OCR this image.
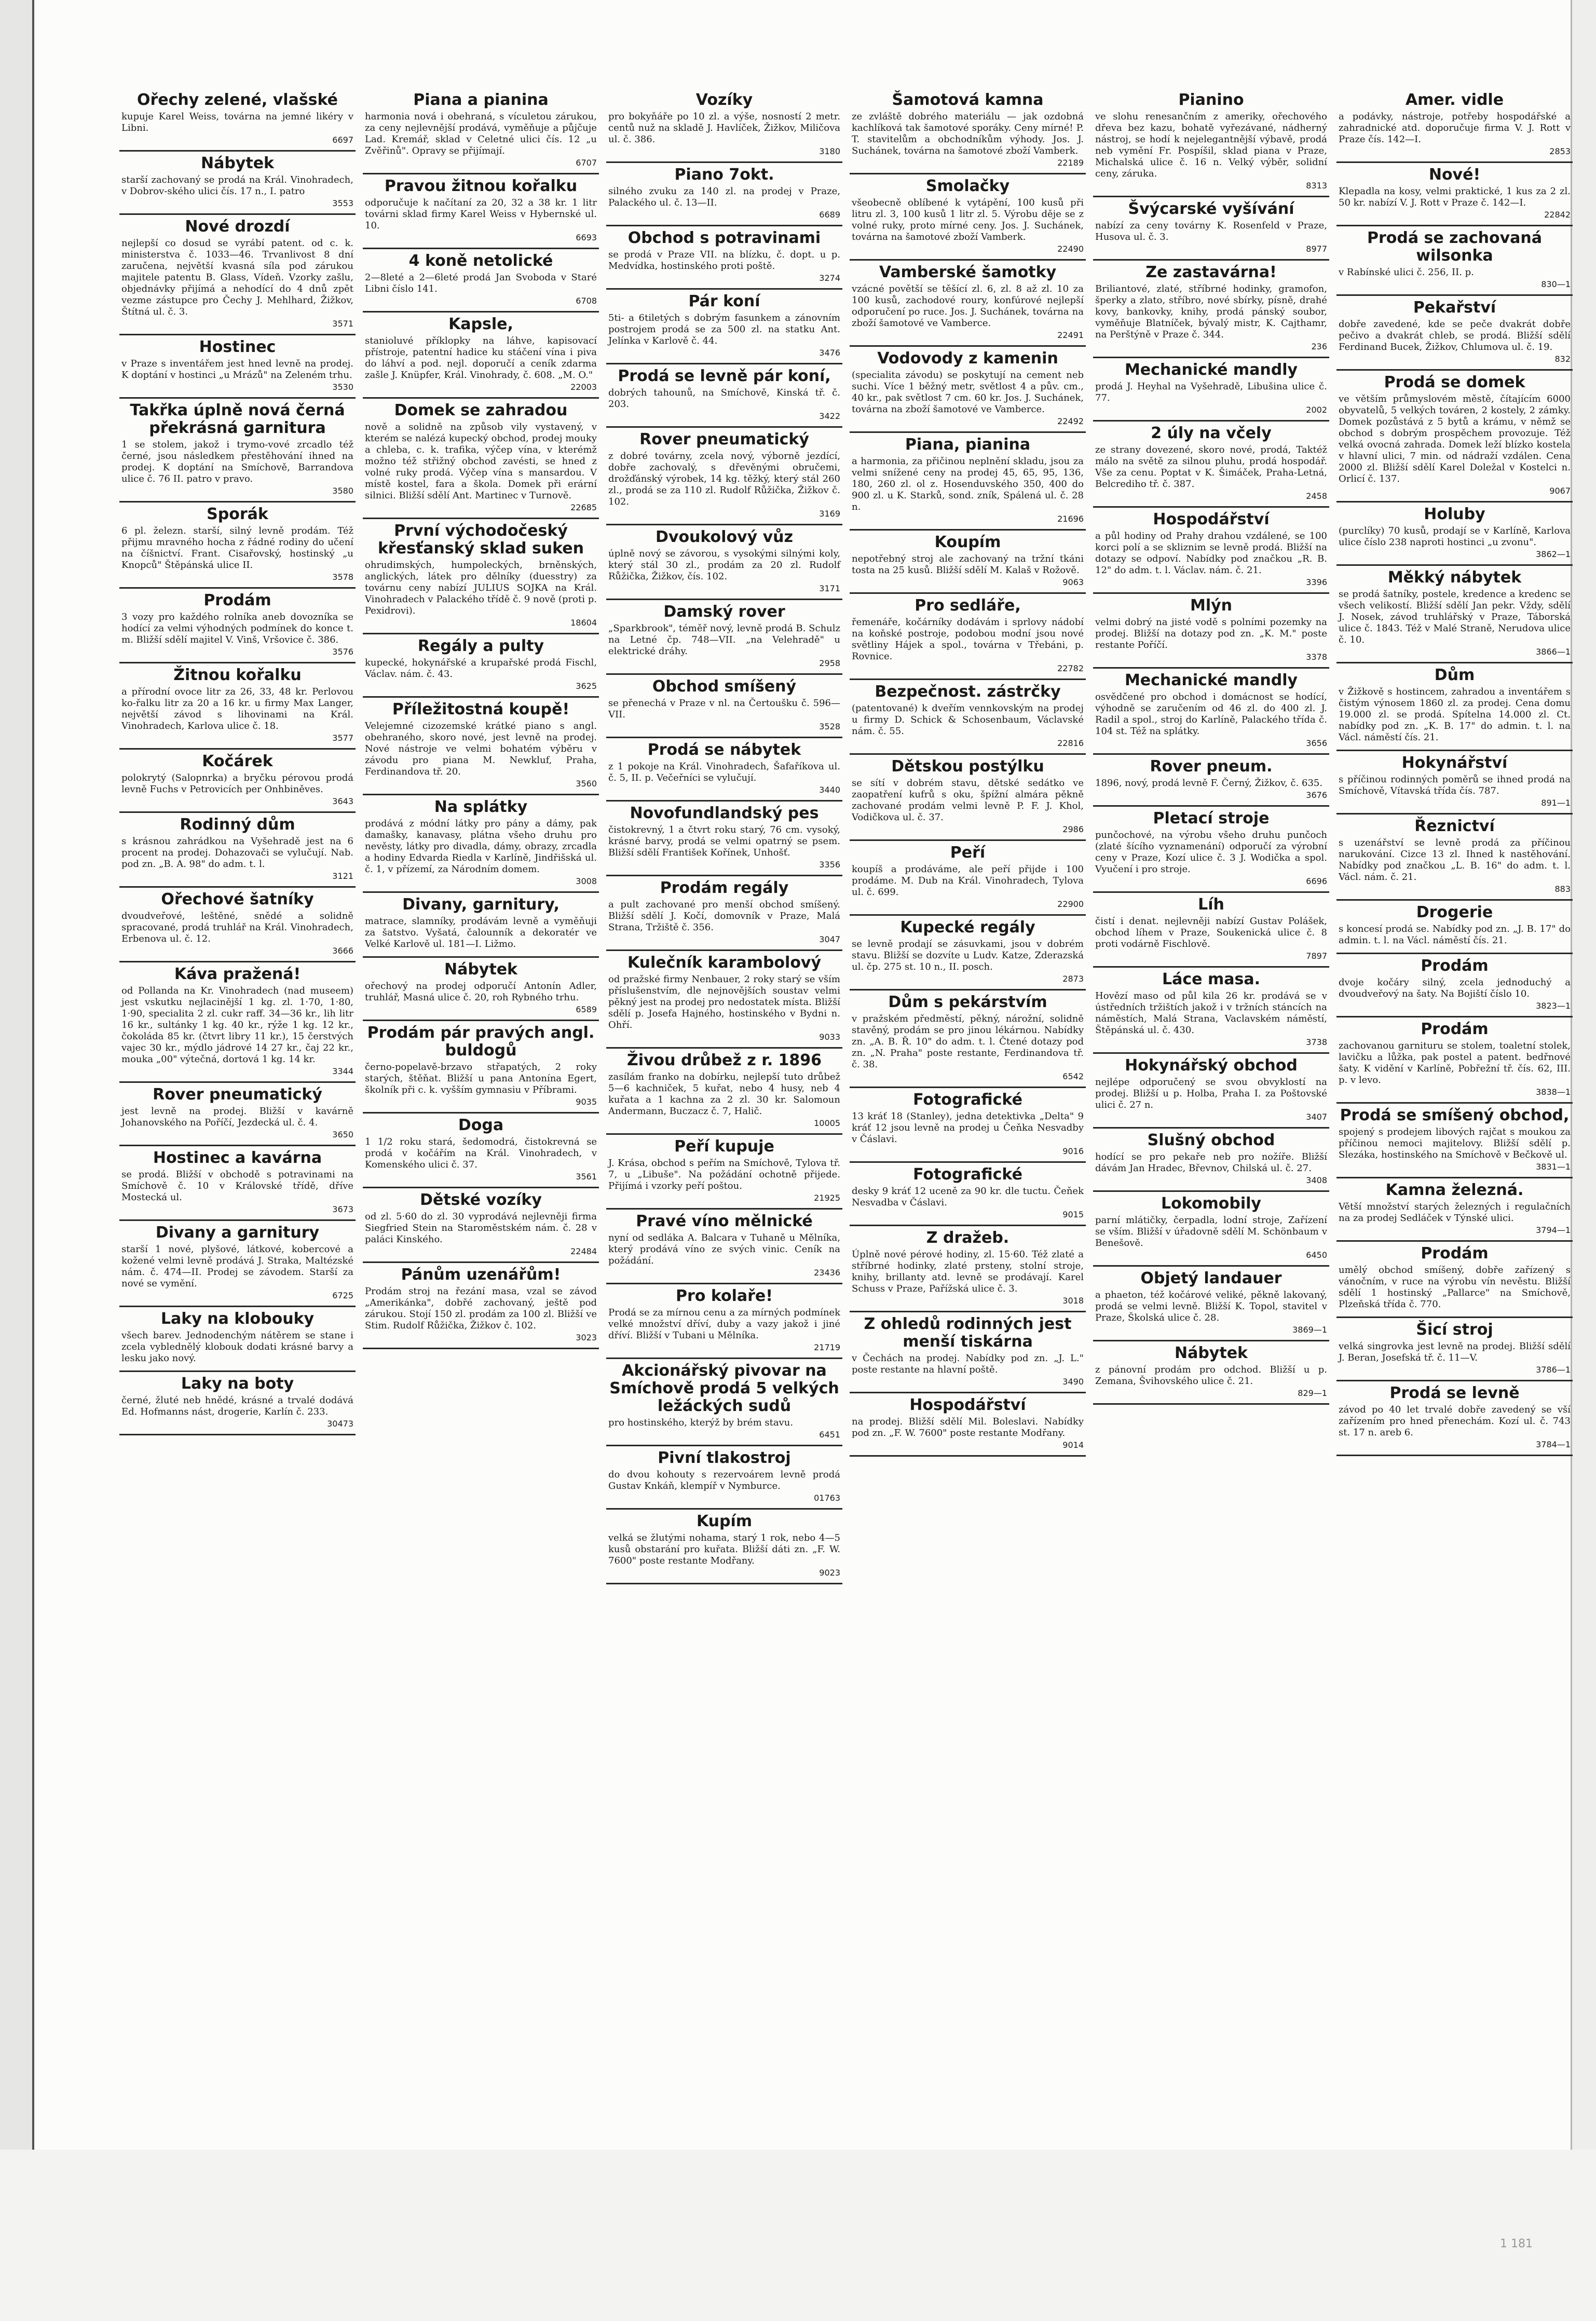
Ořechy zelené, vlašské

kupuje Karel Weiss, továrna na jemné likéry v Libni.

6697
Nábytek

starší zachovaný se prodá na Král. Vinohradech, v Dobrov-ského ulici čís. 17 n., I. patro

3553
Nové drozdí

nejlepší co dosud se vyrábí patent. od c. k. ministerstva č. 1033—46. Trvanlivost 8 dní zaručena, největší kvasná síla pod zárukou majitele patentu B. Glass, Vídeň. Vzorky zašlu, objednávky přijímá a nehodící do 4 dnů zpět vezme zástupce pro Čechy J. Mehlhard, Žižkov, Štítná ul. č. 3.

3571
Hostinec

v Praze s inventářem jest hned levně na prodej. K doptání v hostinci „u Mrázů" na Zeleném trhu.

3530
Takřka úplně nová černá překrásná garnitura

1 se stolem, jakož i trymo-vové zrcadlo též černé, jsou následkem přestěhování ihned na prodej. K doptání na Smíchově, Barrandova ulice č. 76 II. patro v pravo.

3580
Sporák

6 pl. železn. starší, silný levně prodám. Též přijmu mravného hocha z řádné rodiny do učení na číšnictví. Frant. Cisařovský, hostinský „u Knopců" Štěpánská ulice II.

3578
Prodám

3 vozy pro každého rolníka aneb dovozníka se hodící za velmi výhodných podmínek do konce t. m. Bližší sdělí majitel V. Vinš, Vršovice č. 386.

3576
Žitnou kořalku

a přírodní ovoce litr za 26, 33, 48 kr. Perlovou ko-řalku litr za 20 a 16 kr. u firmy Max Langer, největší závod s lihovinami na Král. Vinohradech, Karlova ulice č. 18.

3577
Kočárek

polokrytý (Salopnrka) a bryčku pérovou prodá levně Fuchs v Petrovicích per Onhbiněves.

3643
Rodinný dům

s krásnou zahrádkou na Vyšehradě jest na 6 procent na prodej. Dohazovači se vylučují. Nab. pod zn. „B. A. 98" do adm. t. l.

3121
Ořechové šatníky

dvoudveřové, leštěné, snědé a solidně spracované, prodá truhlář na Král. Vinohradech, Erbenova ul. č. 12.

3666
Káva pražená!

od Pollanda na Kr. Vinohradech (nad museem) jest vskutku nejlacinější 1 kg. zl. 1·70, 1·80, 1·90, specialita 2 zl. cukr raff. 34—36 kr., lih litr 16 kr., sultánky 1 kg. 40 kr., rýže 1 kg. 12 kr., čokoláda 85 kr. (čtvrt librу 11 kr.), 15 čerstvých vajec 30 kr., mýdlo jádrové 14 27 kr., čaj 22 kr., mouka „00" výtečná, dortová 1 kg. 14 kr.

3344
Rover pneumatický

jest levně na prodej. Bližší v kavárně Johanovského na Poříčí, Jezdecká ul. č. 4.

3650
Hostinec a kavárna

se prodá. Bližší v obchodě s potravinami na Smíchově č. 10 v Královské třídě, dříve Mostecká ul.

3673
Divany a garnitury

starší 1 nové, plyšové, látkové, kobercové a kožené velmi levně prodává J. Straka, Maltézské nám. č. 474—II. Prodej se závodem. Starší za nové se vymění.

6725
Laky na klobouky

všech barev. Jednodenchým nátěrem se stane i zcela vyblednělý klobouk dodati krásné barvy a lesku jako nový.

Laky na boty

černé, žluté neb hnědé, krásné a trvalé dodává Ed. Hofmanns nást, drogerie, Karlín č. 233.

30473
Piana a pianina

harmonia nová i obehraná, s vículetou zárukou, za ceny nejlevnější prodává, vyměňuje a půjčuje Lad. Kremář, sklad v Celetné ulici čís. 12 „u Zvěřinů". Opravy se přijímají.

6707
Pravou žitnou kořalku

odporučuje k načítaní za 20, 32 a 38 kr. 1 litr továrni sklad firmy Karel Weiss v Hybernské ul. 10.

6693
4 koně netolické

2—8leté a 2—6leté prodá Jan Svoboda v Staré Libni číslo 141.

6708
Kapsle,

stanioluvé příklopky na láhve, kapisovací přístroje, patentní hadice ku stáčení vína i piva do láhví a pod. nejl. doporučí a ceník zdarma zašle J. Knüpfer, Král. Vinohrady, č. 608. „M. O."

22003
Domek se zahradou

nově a solidně na způsob vily vystavený, v kterém se nalézá kupecký obchod, prodej mouky a chleba, c. k. trafika, výčep vína, v kterémž možno též střižný obchod zavésti, se hned z volné ruky prodá. Výčep vína s mansardou. V místě kostel, fara a škola. Domek při erární silnici. Bližší sdělí Ant. Martinec v Turnově.

22685
První východočeský křesťanský sklad suken

ohrudimských, humpoleckých, brněnských, anglických, látek pro dělníky (duesstry) za továrnu ceny nabízí JULIUS SOJKA na Král. Vinohradech v Palackého třídě č. 9 nově (proti p. Pexidrovi).

18604
Regály a pulty

kupecké, hokynářské a krupařské prodá Fischl, Václav. nám. č. 43.

3625
Příležitostná koupě!

Velejemné cizozemské krátké piano s angl. obehraného, skoro nové, jest levně na prodej. Nové nástroje ve velmi bohatém výběru v závodu pro piana M. Newkluf, Praha, Ferdinandova tř. 20.

3560
Na splátky

prodává z módní látky pro pány a dámy, pak damašky, kanavasy, plátna všeho druhu pro nevěsty, látky pro divadla, dámy, obrazy, zrcadla a hodiny Edvarda Riedla v Karlíně, Jindřišská ul. č. 1, v přízemí, za Národním domem.

3008
Divany, garnitury,

matrace, slamníky, prodávám levně a vyměňuji za šatstvo. Vyšatá, čalounník a dekoratér ve Velké Karlově ul. 181—I. Ližmo.

Nábytek

ořechový na prodej odporučí Antonín Adler, truhlář, Masná ulice č. 20, roh Rybného trhu.

6589
Prodám pár pravých angl. buldogů

černo-popelavě-brzavo střapatých, 2 roky starých, štěňat. Bližší u pana Antonína Egert, školník při c. k. vyšším gymnasiu v Příbrami.

9035
Doga

1 1/2 roku stará, šedomodrá, čistokrevná se prodá v kočářím na Král. Vinohradech, v Komenského ulici č. 37.

3561
Dětské vozíky

od zl. 5·60 do zl. 30 vyprodává nejlevněji firma Siegfried Stein na Staroměstském nám. č. 28 v paláci Kinského.

22484
Pánům uzenářům!

Prodám stroj na řezání masa, vzal se závod „Amerikánka", dobřé zachovaný, ještě pod zárukou. Stojí 150 zl. prodám za 100 zl. Bližší ve Stim. Rudolf Růžička, Žižkov č. 102.

3023
Vozíky

pro bokyňáře po 10 zl. a výše, nosností 2 metr. centů nuž na skladě J. Havlíček, Žižkov, Miličova ul. č. 386.

3180
Piano 7okt.

silného zvuku za 140 zl. na prodej v Praze, Palackého ul. č. 13—II.

6689
Obchod s potravinami

se prodá v Praze VII. na blízku, č. dopt. u p. Medvídka, hostinského proti poště.

3274
Pár koní

5ti- a 6tiletých s dobrým fasunkem a zánovním postrojem prodá se za 500 zl. na statku Ant. Jelínka v Karlově č. 44.

3476
Prodá se levně pár koní,

dobrých tahounů, na Smíchově, Kinská tř. č. 203.

3422
Rover pneumatický

z dobré továrny, zcela nový, výborně jezdící, dobře zachovalý, s dřevěnými obručemi, drožďánský výrobek, 14 kg. těžký, který stál 260 zl., prodá se za 110 zl. Rudolf Růžička, Žižkov č. 102.

3169
Dvoukolový vůz

úplně nový se závorou, s vysokými silnými koly, který stál 30 zl., prodám za 20 zl. Rudolf Růžička, Žižkov, čís. 102.

3171
Damský rover

„Sparkbrook", téměř nový, levně prodá B. Schulz na Letné čp. 748—VII. „na Velehradě" u elektrické dráhy.

2958
Obchod smíšený

se přenechá v Praze v nl. na Čertoušku č. 596—VII.

3528
Prodá se nábytek

z 1 pokoje na Král. Vinohradech, Šafaříkova ul. č. 5, II. p. Večeřníci se vylučují.

3440
Novofundlandský pes

čistokrevný, 1 a čtvrt roku starý, 76 cm. vysoký, krásné barvy, prodá se velmi opatrný se psem. Bližší sdělí František Kořínek, Unhošť.

3356
Prodám regály

a pult zachované pro menší obchod smíšený. Bližší sdělí J. Kočí, domovník v Praze, Malá Strana, Tržiště č. 356.

3047
Kulečník karambolový

od pražské firmy Nenbauer, 2 roky starý se vším příslušenstvím, dle nejnovějších soustav velmi pěkný jest na prodej pro nedostatek místa. Bližší sdělí p. Josefa Hajného, hostinského v Bydni n. Ohří.

9033
Živou drůbež z r. 1896

zasílám franko na dobírku, nejlepší tuto drůbež 5—6 kachniček, 5 kuřat, nebo 4 husy, neb 4 kuřata a 1 kachna za 2 zl. 30 kr. Salomoun Andermann, Buczacz č. 7, Halič.

10005
Peří kupuje

J. Krása, obchod s peřím na Smíchově, Tylova tř. 7, u „Libuše". Na požádání ochotně přijede. Přijímá i vzorky peří poštou.

21925
Pravé víno mělnické

nyní od sedláka A. Balcara v Tuhaně u Mělníka, který prodává víno ze svých vinic. Ceník na požádání.

23436
Pro kolaře!

Prodá se za mírnou cenu a za mírných podmínek velké množství dříví, duby a vazy jakož i jiné dříví. Bližší v Tubani u Mělníka.

21719
Akcionářský pivovar na Smíchově prodá 5 velkých ležáckých sudů

pro hostinského, kterýž by brém stavu.

6451
Pivní tlakostroj

do dvou kohouty s rezervoárem levně prodá Gustav Knkáň, klempíř v Nymburce.

01763
Kupím

velká se žlutými nohama, starý 1 rok, nebo 4—5 kusů obstarání pro kuřata. Bližší dáti zn. „F. W. 7600" poste restante Modřany.

9023
Šamotová kamna

ze zvláště dobrého materiálu — jak ozdobná kachlíková tak šamotové sporáky. Ceny mírné! P. T. stavitelům a obchodníkům výhody. Jos. J. Suchánek, továrna na šamotové zboží Vamberk.

22189
Smolačky

všeobecně oblíbené k vytápění, 100 kusů při litru zl. 3, 100 kusů 1 litr zl. 5. Výrobu děje se z volné ruky, proto mírné ceny. Jos. J. Suchánek, továrna na šamotové zboží Vamberk.

22490
Vamberské šamotky

vzácné povětší se těšící zl. 6, zl. 8 až zl. 10 za 100 kusů, zachodové roury, konfúrové nejlepší odporučení po ruce. Jos. J. Suchánek, továrna na zboží šamotové ve Vamberce.

22491
Vodovody z kamenin

(specialita závodu) se poskytují na cement neb suchi. Více 1 běžný metr, světlost 4 a pův. cm., 40 kr., pak světlost 7 cm. 60 kr. Jos. J. Suchánek, továrna na zboží šamotové ve Vamberce.

22492
Piana, pianina

a harmonia, za přičinou neplnění skladu, jsou za velmi snížené ceny na prodej 45, 65, 95, 136, 180, 260 zl. ol z. Hosenduvského 350, 400 do 900 zl. u K. Starků, sond. zník, Spálená ul. č. 28 n.

21696
Koupím

nepotřebný stroj ale zachovaný na tržní tkáni tosta na 25 kusů. Bližší sdělí M. Kalaš v Rožově.

9063
Pro sedláře,

řemenáře, kočárníky dodávám i sprlovy nádobí na koňské postroje, podobou modní jsou nové světliny Hájek a spol., továrna v Třebáni, p. Rovnice.

22782
Bezpečnost. zástrčky

(patentované) k dveřím vennkovským na prodej u firmy D. Schick & Schosenbaum, Václavské nám. č. 55.

22816
Dětskou postýlku

se sítí v dobrém stavu, dětské sedátko ve zaopatření kufrů s oku, špížní almára pěkně zachované prodám velmi levně P. F. J. Khol, Vodičkova ul. č. 37.

2986
Peří

koupíš a prodáváme, ale peří přijde i 100 prodáme. M. Dub na Král. Vinohradech, Tylova ul. č. 699.

22900
Kupecké regály

se levně prodají se zásuvkami, jsou v dobrém stavu. Bližší se dozvíte u Ludv. Katze, Zderazská ul. čp. 275 st. 10 n., II. posch.

2873
Dům s pekárstvím

v pražském předměstí, pěkný, nárožní, solidně stavěný, prodám se pro jinou lékárnou. Nabídky zn. „A. B. Ř. 10" do adm. t. l. Čtené dotazy pod zn. „N. Praha" poste restante, Ferdinandova tř. č. 38.

6542
Fotografické

13 kráť 18 (Stanley), jedna detektivka „Delta" 9 kráť 12 jsou levně na prodej u Čeňka Nesvadby v Čáslavi.

9016
Fotografické

desky 9 kráť 12 uceně za 90 kr. dle tuctu. Čeňek Nesvadba v Čáslavi.

9015
Z dražeb.

Úplně nové pérové hodiny, zl. 15·60. Též zlaté a stříbrné hodinky, zlaté prsteny, stolní stroje, knihy, brillanty atd. levně se prodávají. Karel Schuss v Praze, Pařížská ulice č. 3.

3018
Z ohledů rodinných jest menší tiskárna

v Čechách na prodej. Nabídky pod zn. „J. L." poste restante na hlavní poště.

3490
Hospodářství

na prodej. Bližší sdělí Mil. Boleslavi. Nabídky pod zn. „F. W. 7600" poste restante Modřany.

9014
Pianino

ve slohu renesančním z ameriky, ořechového dřeva bez kazu, bohatě vyřezávané, nádherný nástroj, se hodí k nejelegantnější výbavě, prodá neb vymění Fr. Pospíšil, sklad piana v Praze, Michalská ulice č. 16 n. Velký výběr, solidní ceny, záruka.

8313
Švýcarské vyšívání

nabízí za ceny továrny K. Rosenfeld v Praze, Husova ul. č. 3.

8977
Ze zastavárna!

Briliantové, zlaté, stříbrné hodinky, gramofon, šperky a zlato, stříbro, nové sbírky, písně, drahé kovy, bankovky, knihy, prodá pánský soubor, vyměňuje Blatníček, bývalý mistr, K. Cajthamr, na Perštýně v Praze č. 344.

236
Mechanické mandly

prodá J. Heyhal na Vyšehradě, Libušina ulice č. 77.

2002
2 úly na včely

ze strany dovezené, skoro nové, prodá, Taktéž málo na světě za silnou pluhu, prodá hospodář. Vše za cenu. Poptat v K. Šimáček, Praha-Letná, Belcrediho tř. č. 387.

2458
Hospodářství

a půl hodiny od Prahy drahou vzdálené, se 100 korci polí a se skliznim se levně prodá. Bližší na dotazy se odpoví. Nabídky pod značkou „R. B. 12" do adm. t. l. Václav. nám. č. 21.

3396
Mlýn

velmi dobrý na jisté vodě s polními pozemky na prodej. Bližší na dotazy pod zn. „K. M." poste restante Poříčí.

3378
Mechanické mandly

osvědčené pro obchod i domácnost se hodící, výhodně se zaručením od 46 zl. do 400 zl. J. Radil a spol., stroj do Karlíně, Palackého třída č. 104 st. Též na splátky.

3656
Rover pneum.

1896, nový, prodá levně F. Černý, Žižkov, č. 635.

3676
Pletací stroje

punčochové, na výrobu všeho druhu punčoch (zlaté šícího vyznamenání) odporučí za výrobní ceny v Praze, Kozí ulice č. 3 J. Wodička a spol. Vyučení i pro stroje.

6696
Líh

čistí i denat. nejlevněji nabízí Gustav Polášek, obchod líhem v Praze, Soukenická ulice č. 8 proti vodárně Fischlově.

7897
Láce masa.

Hovězí maso od půl kila 26 kr. prodává se v ústředních tržištích jakož i v tržních stáncích na náměstích, Malá Strana, Vaclavském náměstí, Štěpánská ul. č. 430.

3738
Hokynářský obchod

nejlépe odporučený se svou obvyklostí na prodej. Bližší u p. Holba, Praha I. za Poštovské ulici č. 27 n.

3407
Slušný obchod

hodící se pro pekaře neb pro nožíře. Bližší dávám Jan Hradec, Břevnov, Chilská ul. č. 27.

3408
Lokomobily

parní mlátičky, čerpadla, lodní stroje, Zařízení se vším. Bližší v úřadovně sdělí M. Schönbaum v Benešově.

6450
Objetý landauer

a phaeton, též kočárové veliké, pěkně lakovaný, prodá se velmi levně. Bližší K. Topol, stavitel v Praze, Školská ulice č. 28.

3869—1
Nábytek

z pánovní prodám pro odchod. Bližší u p. Zemana, Švihovského ulice č. 21.

829—1
Amer. vidle

a podávky, nástroje, potřeby hospodářské a zahradnické atd. doporučuje firma V. J. Rott v Praze čís. 142—I.

2853
Nové!

Klepadla na kosy, velmi praktické, 1 kus za 2 zl. 50 kr. nabízí V. J. Rott v Praze č. 142—I.

22842
Prodá se zachovaná wilsonka

v Rabínské ulici č. 256, II. p.

830—1
Pekařství

dobře zavedené, kde se peče dvakrát dobře pečivo a dvakrát chleb, se prodá. Bližší sdělí Ferdinand Bucek, Žižkov, Chlumova ul. č. 19.

832
Prodá se domek

ve větším průmyslovém městě, čítajícím 6000 obyvatelů, 5 velkých továren, 2 kostely, 2 zámky. Domek pozůstává z 5 bytů a krámu, v němž se obchod s dobrým prospěchem provozuje. Též velká ovocná zahrada. Domek leží blízko kostela v hlavní ulici, 7 min. od nádraží vzdálen. Cena 2000 zl. Bližší sdělí Karel Doležal v Kostelci n. Orlicí č. 137.

9067
Holuby

(purclíky) 70 kusů, prodají se v Karlíně, Karlova ulice číslo 238 naproti hostinci „u zvonu".

3862—1
Měkký nábytek

se prodá šatníky, postele, kredence a kredenc se všech velikostí. Bližší sdělí Jan pekr. Vždy, sdělí J. Nosek, závod truhlářský v Praze, Táborská ulice č. 1843. Též v Malé Straně, Nerudova ulice č. 10.

3866—1
Dům

v Žižkově s hostincem, zahradou a inventářem s čistým výnosem 1860 zl. za prodej. Cena domu 19.000 zl. se prodá. Spítelna 14.000 zl. Ct. nabídky pod zn. „K. B. 17" do admin. t. l. na Václ. náměstí čís. 21.

Hokynářství

s příčinou rodinných poměrů se ihned prodá na Smíchově, Vítavská třída čís. 787.

891—1
Řeznictví

s uzenářství se levně prodá za příčinou narukování. Cizce 13 zl. Ihned k nastěhování. Nabídky pod značkou „L. B. 16" do adm. t. l. Václ. nám. č. 21.

883
Drogerie

s koncesí prodá se. Nabídky pod zn. „J. B. 17" do admin. t. l. na Václ. náměstí čís. 21.

Prodám

dvoje kočáry silný, zcela jednoduchý a dvoudveřový na šaty. Na Bojiští číslo 10.

3823—1
Prodám

zachovanou garnituru se stolem, toaletní stolek, lavičku a lůžka, pak postel a patent. bedřnové šaty. K vidění v Karlíně, Pobřežní tř. čís. 62, III. p. v levo.

3838—1
Prodá se smíšený obchod,

spojený s prodejem libových rajčat s moukou za příčinou nemoci majitelovy. Bližší sdělí p. Slezáka, hostinského na Smíchově v Bečkově ul.

3831—1
Kamna železná.

Větší množství starých železných i regulačních na za prodej Sedláček v Týnské ulici.

3794—1
Prodám

umělý obchod smíšený, dobře zařízený s vánočním, v ruce na výrobu vín nevěstu. Bližší sdělí 1 hostinský „Pallarce" na Smíchově, Plzeňská třída č. 770.

Šicí stroj

velká singrovka jest levně na prodej. Bližší sdělí J. Beran, Josefská tř. č. 11—V.

3786—1
Prodá se levně

závod po 40 let trvalé dobře zavedený se vší zařízením pro hned přenechám. Kozí ul. č. 743 st. 17 n. areb 6.

3784—1
1 181
